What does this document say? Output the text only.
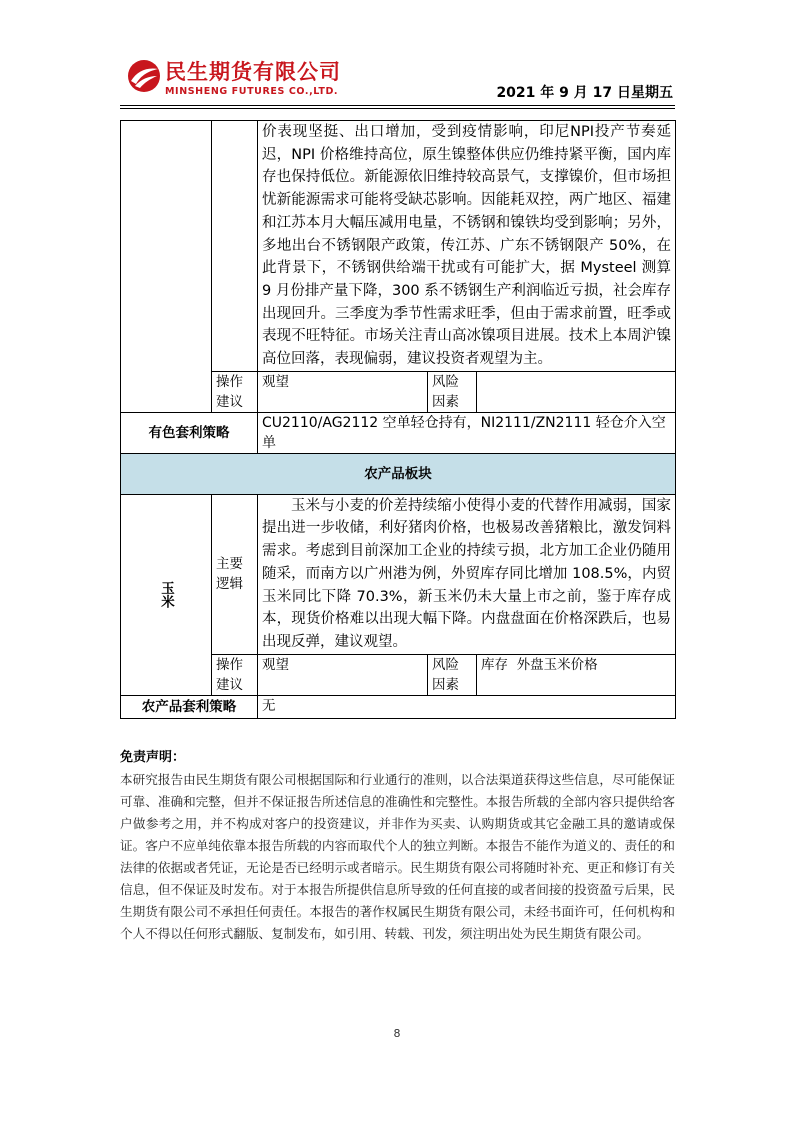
民生期货有限公司
MINSHENG FUTURES CO.,LTD.	2021 年 9 月 17 日星期五
		价表现坚挺、出口增加，受到疫情影响，印尼NPI投产节奏延迟，NPI 价格维持高位，原生镍整体供应仍维持紧平衡，国内库存也保持低位。新能源依旧维持较高景气，支撑镍价，但市场担忧新能源需求可能将受缺芯影响。因能耗双控，两广地区、福建和江苏本月大幅压减用电量，不锈钢和镍铁均受到影响；另外，多地出台不锈钢限产政策，传江苏、广东不锈钢限产 50%，在此背景下，不锈钢供给端干扰或有可能扩大，据 Mysteel 测算 9 月份排产量下降，300 系不锈钢生产利润临近亏损，社会库存出现回升。三季度为季节性需求旺季，但由于需求前置，旺季或表现不旺特征。市场关注青山高冰镍项目进展。技术上本周沪镍高位回落，表现偏弱，建议投资者观望为主。		
	操作建议	观望	风险因素	
有色套利策略		CU2110/AG2112 空单轻仓持有，NI2111/ZN2111 轻仓介入空单		
农产品板块				

玉米	主要逻辑	玉米与小麦的价差持续缩小使得小麦的代替作用减弱，国家提出进一步收储，利好猪肉价格，也极易改善猪粮比，激发饲料需求。考虑到目前深加工企业的持续亏损，北方加工企业仍随用随采，而南方以广州港为例，外贸库存同比增加 108.5%，内贸玉米同比下降 70.3%，新玉米仍未大量上市之前，鉴于库存成本，现货价格难以出现大幅下降。内盘盘面在价格深跌后，也易出现反弹，建议观望。		
	操作建议	观望	风险因素	库存  外盘玉米价格
农产品套利策略		无		
免责声明：
本研究报告由民生期货有限公司根据国际和行业通行的准则，以合法渠道获得这些信息，尽可能保证可靠、准确和完整，但并不保证报告所述信息的准确性和完整性。本报告所载的全部内容只提供给客户做参考之用，并不构成对客户的投资建议，并非作为买卖、认购期货或其它金融工具的邀请或保证。客户不应单纯依靠本报告所载的内容而取代个人的独立判断。本报告不能作为道义的、责任的和法律的依据或者凭证，无论是否已经明示或者暗示。民生期货有限公司将随时补充、更正和修订有关信息，但不保证及时发布。对于本报告所提供信息所导致的任何直接的或者间接的投资盈亏后果，民生期货有限公司不承担任何责任。本报告的著作权属民生期货有限公司，未经书面许可，任何机构和个人不得以任何形式翻版、复制发布，如引用、转载、刊发，须注明出处为民生期货有限公司。
8
